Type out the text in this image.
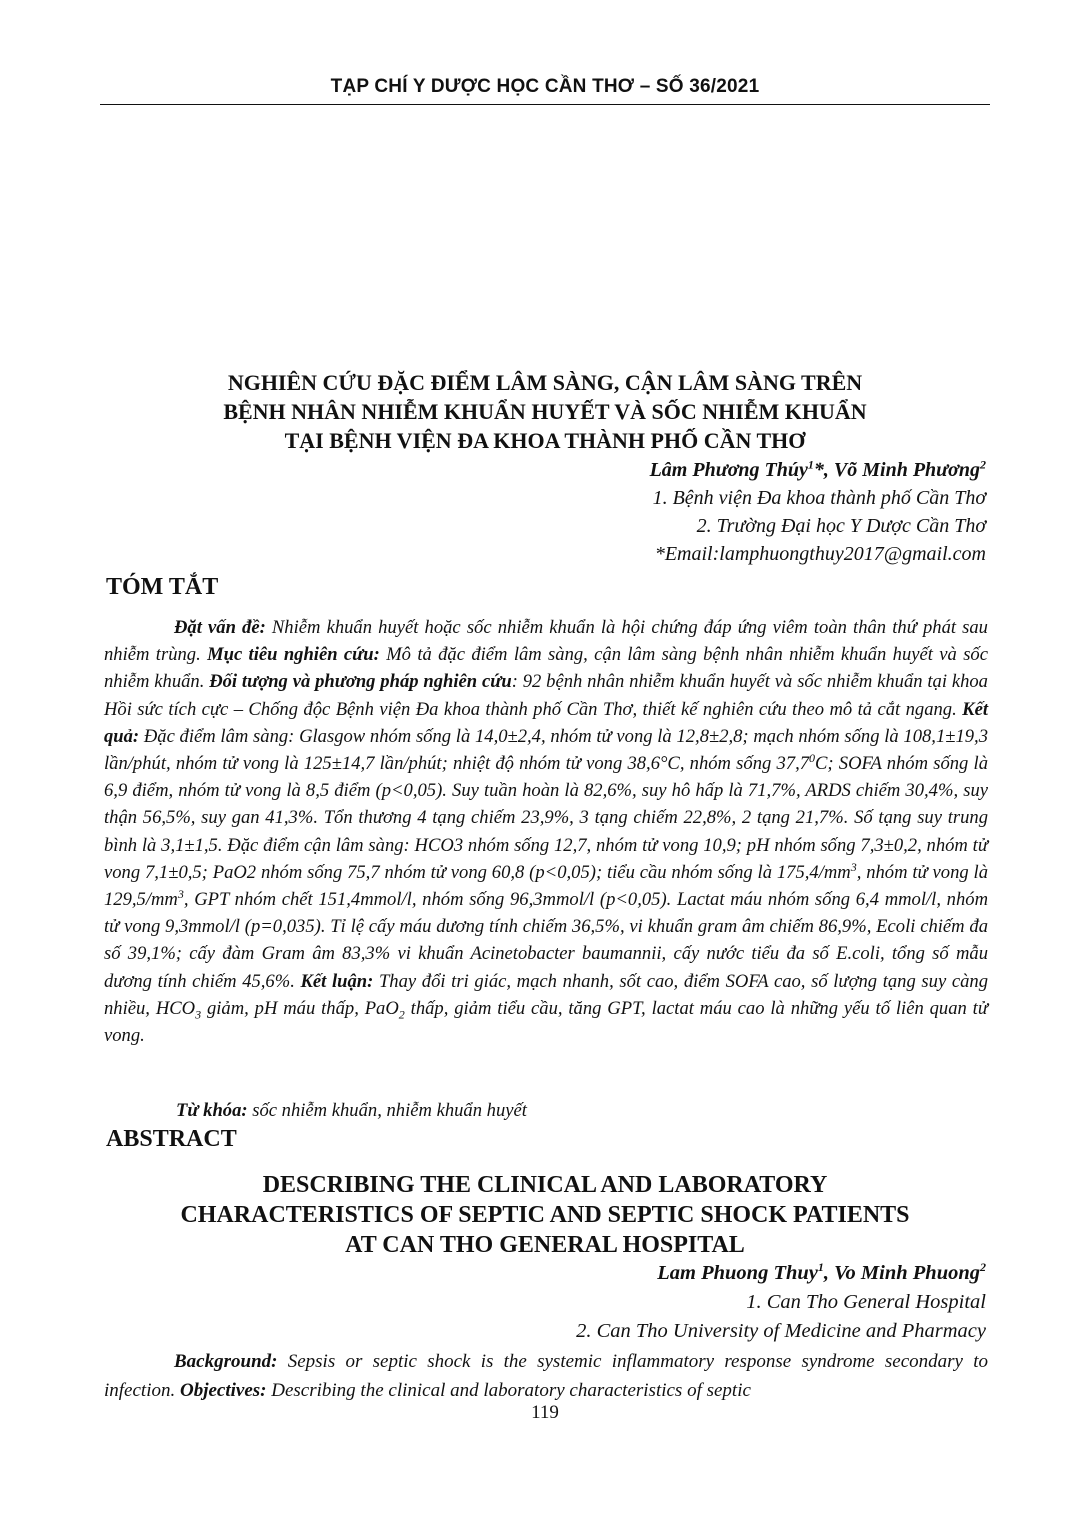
TẠP CHÍ Y DƯỢC HỌC CẦN THƠ – SỐ 36/2021
NGHIÊN CỨU ĐẶC ĐIỂM LÂM SÀNG, CẬN LÂM SÀNG TRÊN
BỆNH NHÂN NHIỄM KHUẨN HUYẾT VÀ SỐC NHIỄM KHUẨN
TẠI BỆNH VIỆN ĐA KHOA THÀNH PHỐ CẦN THƠ
Lâm Phương Thúy$^1$*, Võ Minh Phương$^2$
1. Bệnh viện Đa khoa thành phố Cần Thơ
2. Trường Đại học Y Dược Cần Thơ
*Email:lamphuongthuy2017@gmail.com
TÓM TẮT

Đặt vấn đề: Nhiễm khuẩn huyết hoặc sốc nhiễm khuẩn là hội chứng đáp ứng viêm toàn thân thứ phát sau nhiễm trùng. Mục tiêu nghiên cứu: Mô tả đặc điểm lâm sàng, cận lâm sàng bệnh nhân nhiễm khuẩn huyết và sốc nhiễm khuẩn. Đối tượng và phương pháp nghiên cứu: 92 bệnh nhân nhiễm khuẩn huyết và sốc nhiễm khuẩn tại khoa Hồi sức tích cực – Chống độc Bệnh viện Đa khoa thành phố Cần Thơ, thiết kế nghiên cứu theo mô tả cắt ngang. Kết quả: Đặc điểm lâm sàng: Glasgow nhóm sống là 14,0±2,4, nhóm tử vong là 12,8±2,8; mạch nhóm sống là 108,1±19,3 lần/phút, nhóm tử vong là 125±14,7 lần/phút; nhiệt độ nhóm tử vong 38,6°C, nhóm sống 37,7$^0$C; SOFA nhóm sống là 6,9 điểm, nhóm tử vong là 8,5 điểm (p<0,05). Suy tuần hoàn là 82,6%, suy hô hấp là 71,7%, ARDS chiếm 30,4%, suy thận 56,5%, suy gan 41,3%. Tổn thương 4 tạng chiếm 23,9%, 3 tạng chiếm 22,8%, 2 tạng 21,7%. Số tạng suy trung bình là 3,1±1,5. Đặc điểm cận lâm sàng: HCO3 nhóm sống 12,7, nhóm tử vong 10,9; pH nhóm sống 7,3±0,2, nhóm tử vong 7,1±0,5; PaO2 nhóm sống 75,7 nhóm tử vong 60,8 (p<0,05); tiểu cầu nhóm sống là $175,4/mm^3$, nhóm tử vong là $129,5/mm^3$, GPT nhóm chết 151,4mmol/l, nhóm sống 96,3mmol/l (p<0,05). Lactat máu nhóm sống 6,4 mmol/l, nhóm tử vong 9,3mmol/l (p=0,035). Tỉ lệ cấy máu dương tính chiếm 36,5%, vi khuẩn gram âm chiếm 86,9%, Ecoli chiếm đa số 39,1%; cấy đàm Gram âm 83,3% vi khuẩn Acinetobacter baumannii, cấy nước tiểu đa số E.coli, tổng số mẫu dương tính chiếm 45,6%. Kết luận: Thay đổi tri giác, mạch nhanh, sốt cao, điểm SOFA cao, số lượng tạng suy càng nhiều, $HCO_3$ giảm, pH máu thấp, PaO$_2$ thấp, giảm tiểu cầu, tăng GPT, lactat máu cao là những yếu tố liên quan tử vong.

Từ khóa: sốc nhiễm khuẩn, nhiễm khuẩn huyết
ABSTRACT
DESCRIBING THE CLINICAL AND LABORATORY
CHARACTERISTICS OF SEPTIC AND SEPTIC SHOCK PATIENTS
AT CAN THO GENERAL HOSPITAL
Lam Phuong Thuy$^1$, Vo Minh Phuong$^2$
1. Can Tho General Hospital
2. Can Tho University of Medicine and Pharmacy

Background: Sepsis or septic shock is the systemic inflammatory response syndrome secondary to infection. Objectives: Describing the clinical and laboratory characteristics of septic

119
